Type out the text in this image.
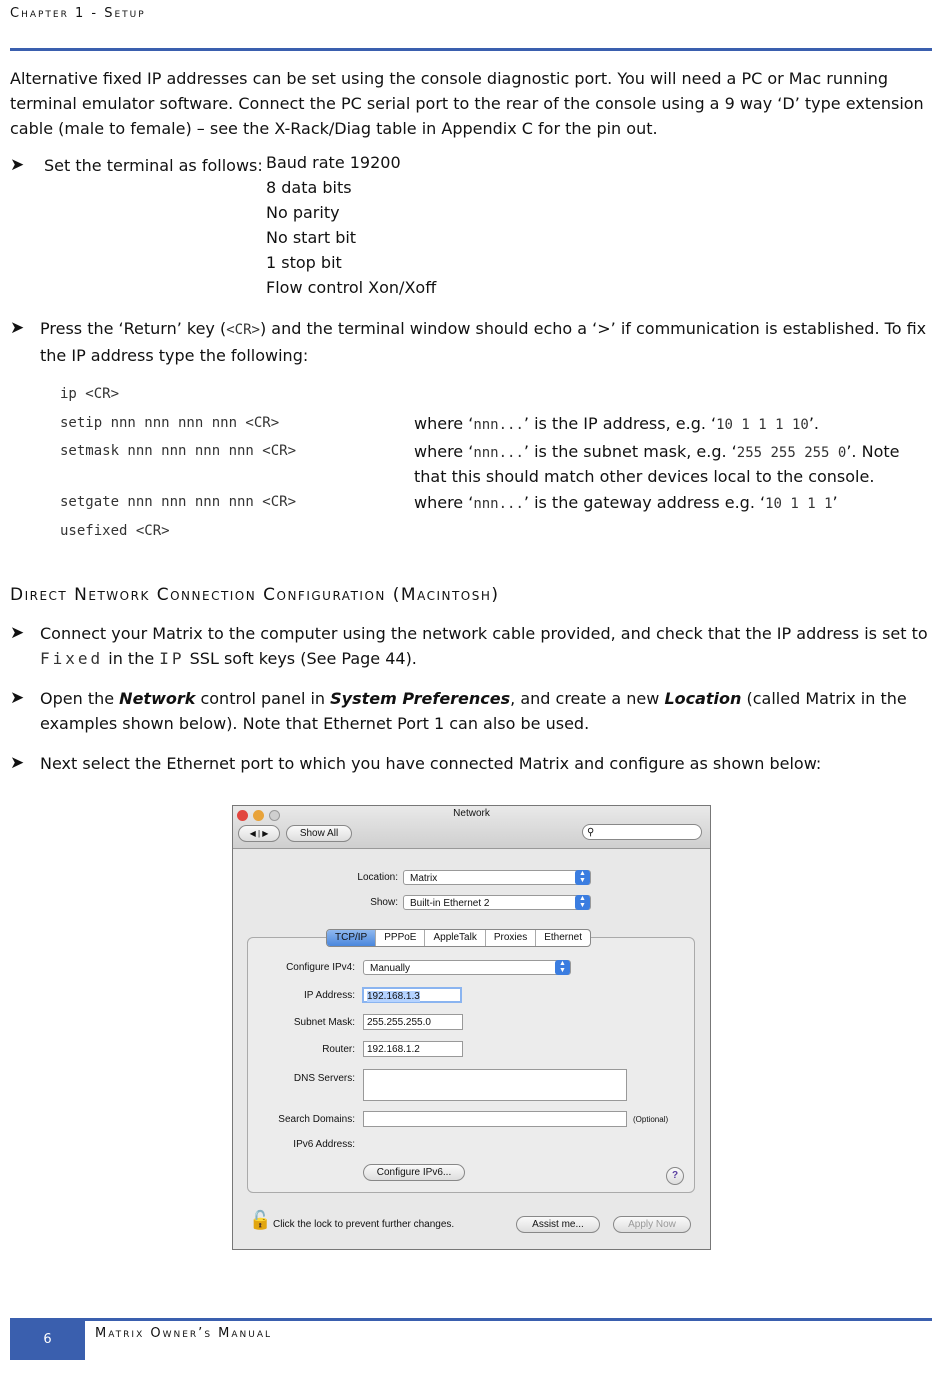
Chapter 1 - Setup
Alternative fixed IP addresses can be set using the console diagnostic port. You will need a PC or Mac running terminal emulator software. Connect the PC serial port to the rear of the console using a 9 way ‘D’ type extension cable (male to female) – see the X-Rack/Diag table in Appendix C for the pin out.
➤ Set the terminal as follows: Baud rate 19200
8 data bits
No parity
No start bit
1 stop bit
Flow control Xon/Xoff
➤ Press the ‘Return’ key (<CR>) and the terminal window should echo a ‘>’ if communication is established. To fix the IP address type the following:
ip <CR>
setip nnn nnn nnn nnn <CR>	where ‘nnn...’ is the IP address, e.g. ‘10 1 1 1 10’.
setmask nnn nnn nnn nnn <CR>	where ‘nnn...’ is the subnet mask, e.g. ‘255 255 255 0’. Note that this should match other devices local to the console.
setgate nnn nnn nnn nnn <CR>	where ‘nnn...’ is the gateway address e.g. ‘10 1 1 1’
usefixed <CR>
Direct Network Connection Configuration (Macintosh)
➤ Connect your Matrix to the computer using the network cable provided, and check that the IP address is set to Fixed in the IP SSL soft keys (See Page 44).
➤ Open the Network control panel in System Preferences, and create a new Location (called Matrix in the examples shown below). Note that Ethernet Port 1 can also be used.
➤ Next select the Ethernet port to which you have connected Matrix and configure as shown below:
Network
◀ | ▶	Show All	⚲
Location:	Matrix	▲
▼
Show:	Built-in Ethernet 2	▲
▼
TCP/IP	PPPoE	AppleTalk	Proxies	Ethernet
Configure IPv4:	Manually	▲
▼
IP Address:	192.168.1.3
Subnet Mask:	255.255.255.0
Router:	192.168.1.2
DNS Servers:
Search Domains:	(Optional)
IPv6 Address:
Configure IPv6...	?
🔓 Click the lock to prevent further changes.	Assist me...	Apply Now
6	Matrix Owner’s Manual
